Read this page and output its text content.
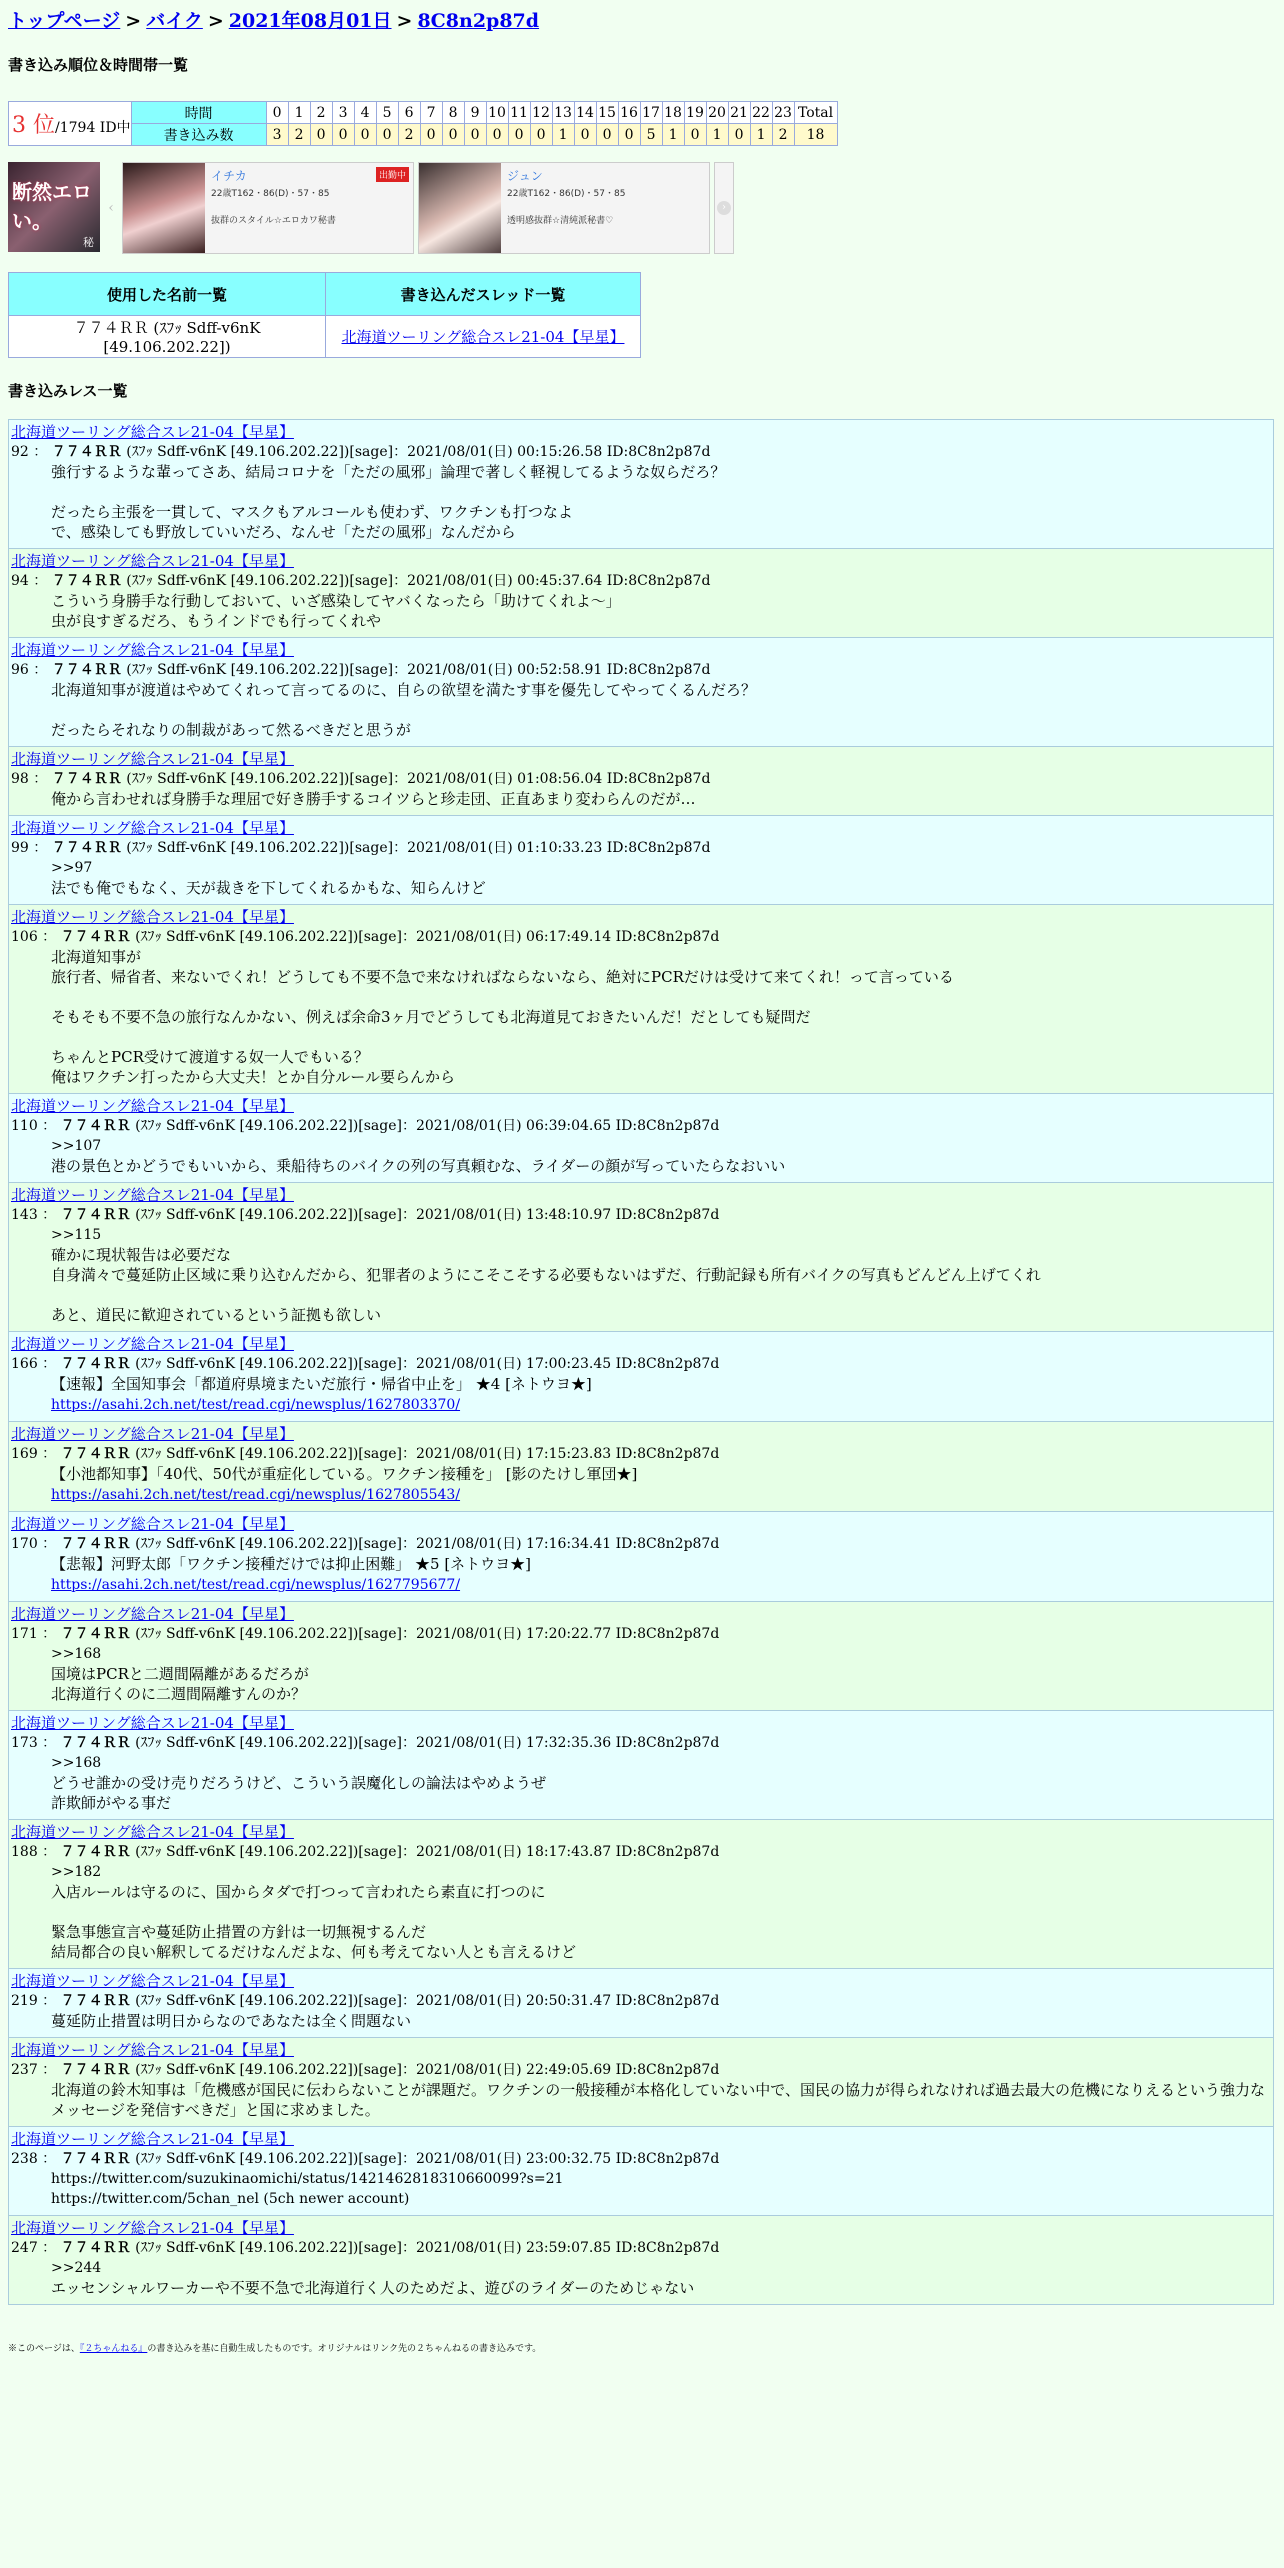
トップページ > バイク > 2021年08月01日 > 8C8n2p87d
書き込み順位＆時間帯一覧
3 位/1794 ID中	時間	0	1	2	3	4	5	6	7	8	9	10	11	12	13	14	15	16	17	18	19	20	21	22	23	Total
	書き込み数	3	2	0	0	0	0	2	0	0	0	0	0	0	1	0	0	0	5	1	0	1	0	1	2	18
断然エロい。
秘
‹
イチカ
22歳T162・86(D)・57・85
抜群のスタイル☆エロカワ秘書
出勤中	ジュン
22歳T162・86(D)・57・85
透明感抜群☆清純派秘書♡
›
使用した名前一覧	書き込んだスレッド一覧
７７４ＲＲ (ｽﾌｯ Sdff-v6nK [49.106.202.22])	北海道ツーリング総合スレ21-04【早星】
書き込みレス一覧
北海道ツーリング総合スレ21-04【早星】
92 ： ７７４ＲＲ (ｽﾌｯ Sdff-v6nK [49.106.202.22])[sage]：2021/08/01(日) 00:15:26.58 ID:8C8n2p87d
強行するような輩ってさあ、結局コロナを「ただの風邪」論理で著しく軽視してるような奴らだろ？

だったら主張を一貫して、マスクもアルコールも使わず、ワクチンも打つなよ
で、感染しても野放していいだろ、なんせ「ただの風邪」なんだから
北海道ツーリング総合スレ21-04【早星】
94 ： ７７４ＲＲ (ｽﾌｯ Sdff-v6nK [49.106.202.22])[sage]：2021/08/01(日) 00:45:37.64 ID:8C8n2p87d
こういう身勝手な行動しておいて、いざ感染してヤバくなったら「助けてくれよ～」
虫が良すぎるだろ、もうインドでも行ってくれや
北海道ツーリング総合スレ21-04【早星】
96 ： ７７４ＲＲ (ｽﾌｯ Sdff-v6nK [49.106.202.22])[sage]：2021/08/01(日) 00:52:58.91 ID:8C8n2p87d
北海道知事が渡道はやめてくれって言ってるのに、自らの欲望を満たす事を優先してやってくるんだろ？

だったらそれなりの制裁があって然るべきだと思うが
北海道ツーリング総合スレ21-04【早星】
98 ： ７７４ＲＲ (ｽﾌｯ Sdff-v6nK [49.106.202.22])[sage]：2021/08/01(日) 01:08:56.04 ID:8C8n2p87d
俺から言わせれば身勝手な理屈で好き勝手するコイツらと珍走団、正直あまり変わらんのだが…
北海道ツーリング総合スレ21-04【早星】
99 ： ７７４ＲＲ (ｽﾌｯ Sdff-v6nK [49.106.202.22])[sage]：2021/08/01(日) 01:10:33.23 ID:8C8n2p87d
>>97
法でも俺でもなく、天が裁きを下してくれるかもな、知らんけど
北海道ツーリング総合スレ21-04【早星】
106 ： ７７４ＲＲ (ｽﾌｯ Sdff-v6nK [49.106.202.22])[sage]：2021/08/01(日) 06:17:49.14 ID:8C8n2p87d
北海道知事が
旅行者、帰省者、来ないでくれ！どうしても不要不急で来なければならないなら、絶対にPCRだけは受けて来てくれ！って言っている

そもそも不要不急の旅行なんかない、例えば余命3ヶ月でどうしても北海道見ておきたいんだ！だとしても疑問だ

ちゃんとPCR受けて渡道する奴一人でもいる？
俺はワクチン打ったから大丈夫！とか自分ルール要らんから
北海道ツーリング総合スレ21-04【早星】
110 ： ７７４ＲＲ (ｽﾌｯ Sdff-v6nK [49.106.202.22])[sage]：2021/08/01(日) 06:39:04.65 ID:8C8n2p87d
>>107
港の景色とかどうでもいいから、乗船待ちのバイクの列の写真頼むな、ライダーの顔が写っていたらなおいい
北海道ツーリング総合スレ21-04【早星】
143 ： ７７４ＲＲ (ｽﾌｯ Sdff-v6nK [49.106.202.22])[sage]：2021/08/01(日) 13:48:10.97 ID:8C8n2p87d
>>115
確かに現状報告は必要だな
自身満々で蔓延防止区域に乗り込むんだから、犯罪者のようにこそこそする必要もないはずだ、行動記録も所有バイクの写真もどんどん上げてくれ

あと、道民に歓迎されているという証拠も欲しい
北海道ツーリング総合スレ21-04【早星】
166 ： ７７４ＲＲ (ｽﾌｯ Sdff-v6nK [49.106.202.22])[sage]：2021/08/01(日) 17:00:23.45 ID:8C8n2p87d
【速報】全国知事会「都道府県境またいだ旅行・帰省中止を」 ★4 [ネトウヨ★]
https://asahi.2ch.net/test/read.cgi/newsplus/1627803370/
北海道ツーリング総合スレ21-04【早星】
169 ： ７７４ＲＲ (ｽﾌｯ Sdff-v6nK [49.106.202.22])[sage]：2021/08/01(日) 17:15:23.83 ID:8C8n2p87d
【小池都知事】「40代、50代が重症化している。ワクチン接種を」 [影のたけし軍団★]
https://asahi.2ch.net/test/read.cgi/newsplus/1627805543/
北海道ツーリング総合スレ21-04【早星】
170 ： ７７４ＲＲ (ｽﾌｯ Sdff-v6nK [49.106.202.22])[sage]：2021/08/01(日) 17:16:34.41 ID:8C8n2p87d
【悲報】河野太郎「ワクチン接種だけでは抑止困難」 ★5 [ネトウヨ★]
https://asahi.2ch.net/test/read.cgi/newsplus/1627795677/
北海道ツーリング総合スレ21-04【早星】
171 ： ７７４ＲＲ (ｽﾌｯ Sdff-v6nK [49.106.202.22])[sage]：2021/08/01(日) 17:20:22.77 ID:8C8n2p87d
>>168
国境はPCRと二週間隔離があるだろが
北海道行くのに二週間隔離すんのか？
北海道ツーリング総合スレ21-04【早星】
173 ： ７７４ＲＲ (ｽﾌｯ Sdff-v6nK [49.106.202.22])[sage]：2021/08/01(日) 17:32:35.36 ID:8C8n2p87d
>>168
どうせ誰かの受け売りだろうけど、こういう誤魔化しの論法はやめようぜ
詐欺師がやる事だ
北海道ツーリング総合スレ21-04【早星】
188 ： ７７４ＲＲ (ｽﾌｯ Sdff-v6nK [49.106.202.22])[sage]：2021/08/01(日) 18:17:43.87 ID:8C8n2p87d
>>182
入店ルールは守るのに、国からタダで打つって言われたら素直に打つのに

緊急事態宣言や蔓延防止措置の方針は一切無視するんだ
結局都合の良い解釈してるだけなんだよな、何も考えてない人とも言えるけど
北海道ツーリング総合スレ21-04【早星】
219 ： ７７４ＲＲ (ｽﾌｯ Sdff-v6nK [49.106.202.22])[sage]：2021/08/01(日) 20:50:31.47 ID:8C8n2p87d
蔓延防止措置は明日からなのであなたは全く問題ない
北海道ツーリング総合スレ21-04【早星】
237 ： ７７４ＲＲ (ｽﾌｯ Sdff-v6nK [49.106.202.22])[sage]：2021/08/01(日) 22:49:05.69 ID:8C8n2p87d
北海道の鈴木知事は「危機感が国民に伝わらないことが課題だ。ワクチンの一般接種が本格化していない中で、国民の協力が得られなければ過去最大の危機になりえるという強力なメッセージを発信すべきだ」と国に求めました。
北海道ツーリング総合スレ21-04【早星】
238 ： ７７４ＲＲ (ｽﾌｯ Sdff-v6nK [49.106.202.22])[sage]：2021/08/01(日) 23:00:32.75 ID:8C8n2p87d
https://twitter.com/suzukinaomichi/status/1421462818310660099?s=21
https://twitter.com/5chan_nel (5ch newer account)
北海道ツーリング総合スレ21-04【早星】
247 ： ７７４ＲＲ (ｽﾌｯ Sdff-v6nK [49.106.202.22])[sage]：2021/08/01(日) 23:59:07.85 ID:8C8n2p87d
>>244
エッセンシャルワーカーや不要不急で北海道行く人のためだよ、遊びのライダーのためじゃない
※このページは、『２ちゃんねる』の書き込みを基に自動生成したものです。オリジナルはリンク先の２ちゃんねるの書き込みです。
